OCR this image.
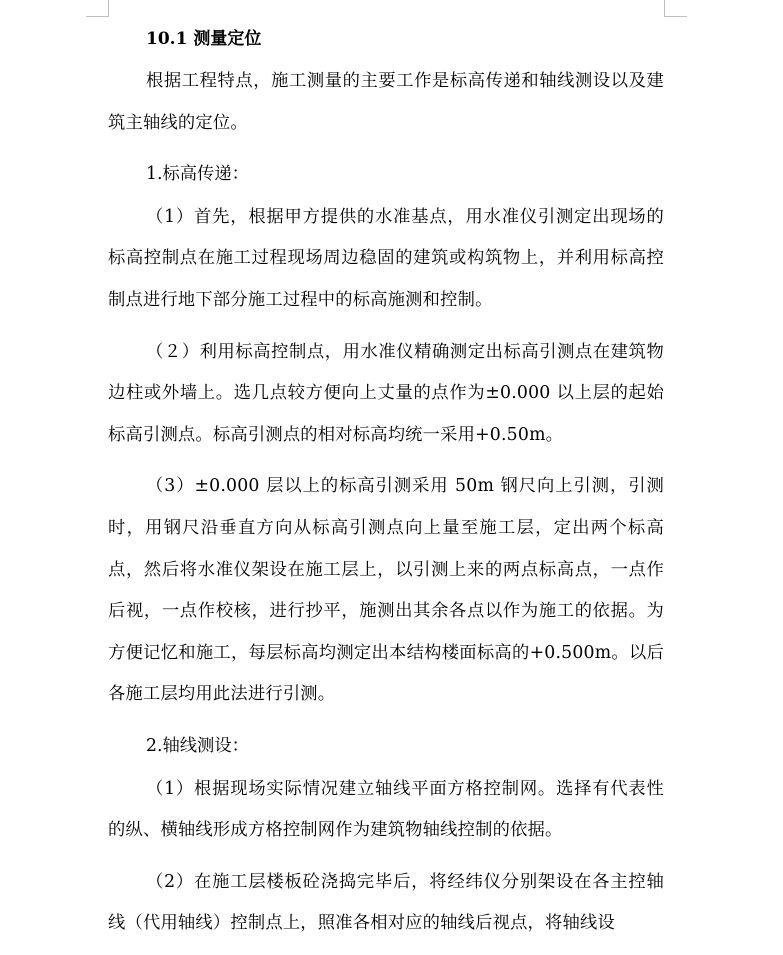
10.1 测量定位

根据工程特点，施工测量的主要工作是标高传递和轴线测设以及建筑主轴线的定位。

1.标高传递：

（1）首先，根据甲方提供的水准基点，用水准仪引测定出现场的标高控制点在施工过程现场周边稳固的建筑或构筑物上，并利用标高控制点进行地下部分施工过程中的标高施测和控制。

（２）利用标高控制点，用水准仪精确测定出标高引测点在建筑物边柱或外墙上。选几点较方便向上丈量的点作为±0.000 以上层的起始标高引测点。标高引测点的相对标高均统一采用+0.50m。

（3）±0.000 层以上的标高引测采用 50m 钢尺向上引测，引测时，用钢尺沿垂直方向从标高引测点向上量至施工层，定出两个标高点，然后将水准仪架设在施工层上，以引测上来的两点标高点，一点作后视，一点作校核，进行抄平，施测出其余各点以作为施工的依据。为方便记忆和施工，每层标高均测定出本结构楼面标高的+0.500m。以后各施工层均用此法进行引测。

2.轴线测设：

（1）根据现场实际情况建立轴线平面方格控制网。选择有代表性的纵、横轴线形成方格控制网作为建筑物轴线控制的依据。

（2）在施工层楼板砼浇捣完毕后，将经纬仪分别架设在各主控轴线（代用轴线）控制点上，照准各相对应的轴线后视点，将轴线设
